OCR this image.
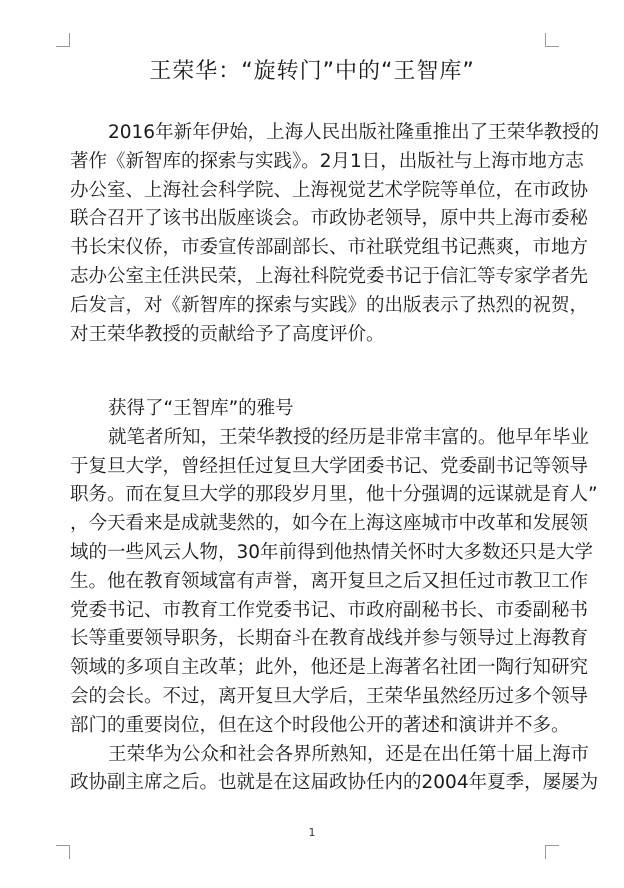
王荣华：“旋转门”中的“王智库”
2016年新年伊始，上海人民出版社隆重推出了王荣华教授的
著作《新智库的探索与实践》。2月1日，出版社与上海市地方志
办公室、上海社会科学院、上海视觉艺术学院等单位，在市政协
联合召开了该书出版座谈会。市政协老领导，原中共上海市委秘
书长宋仪侨，市委宣传部副部长、市社联党组书记燕爽，市地方
志办公室主任洪民荣，上海社科院党委书记于信汇等专家学者先
后发言，对《新智库的探索与实践》的出版表示了热烈的祝贺，
对王荣华教授的贡献给予了高度评价。
获得了“王智库”的雅号
就笔者所知，王荣华教授的经历是非常丰富的。他早年毕业
于复旦大学，曾经担任过复旦大学团委书记、党委副书记等领导
职务。而在复旦大学的那段岁月里，他十分强调的远谋就是育人”
，今天看来是成就斐然的，如今在上海这座城市中改革和发展领
域的一些风云人物，30年前得到他热情关怀时大多数还只是大学
生。他在教育领域富有声誉，离开复旦之后又担任过市教卫工作
党委书记、市教育工作党委书记、市政府副秘书长、市委副秘书
长等重要领导职务，长期奋斗在教育战线并参与领导过上海教育
领域的多项自主改革；此外，他还是上海著名社团一陶行知研究
会的会长。不过，离开复旦大学后，王荣华虽然经历过多个领导
部门的重要岗位，但在这个时段他公开的著述和演讲并不多。
王荣华为公众和社会各界所熟知，还是在出任第十届上海市
政协副主席之后。也就是在这届政协任内的2004年夏季，屡屡为
1
